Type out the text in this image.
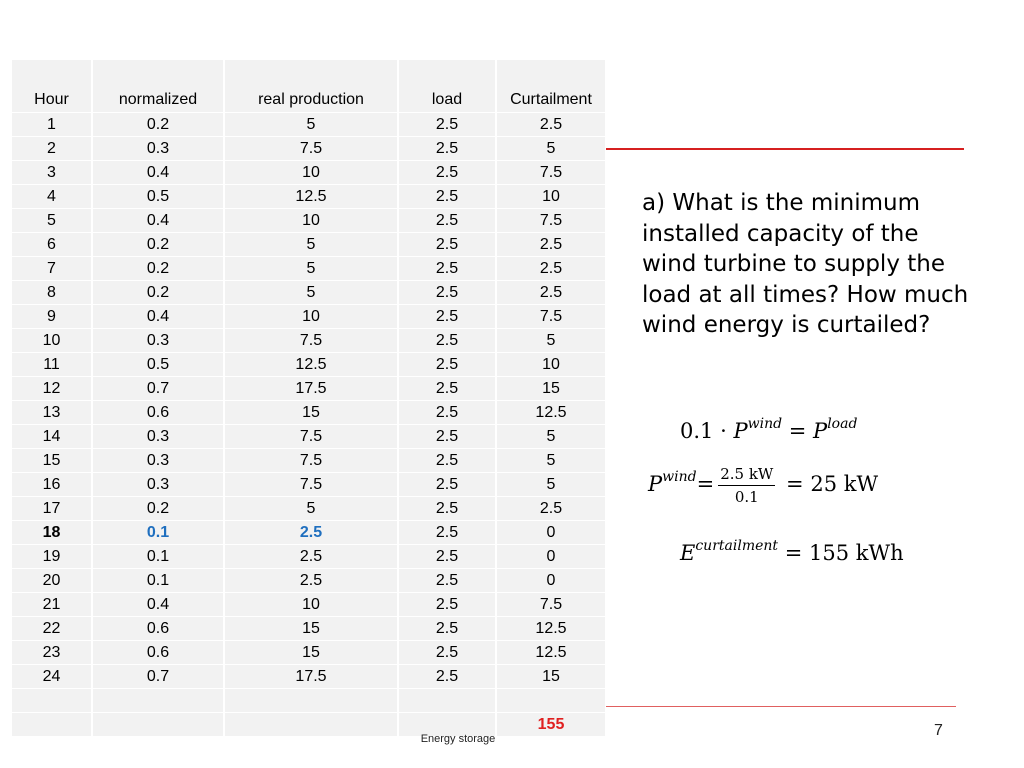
Hour	normalized	real production	load	Curtailment
1	0.2	5	2.5	2.5
2	0.3	7.5	2.5	5
3	0.4	10	2.5	7.5
4	0.5	12.5	2.5	10
5	0.4	10	2.5	7.5
6	0.2	5	2.5	2.5
7	0.2	5	2.5	2.5
8	0.2	5	2.5	2.5
9	0.4	10	2.5	7.5
10	0.3	7.5	2.5	5
11	0.5	12.5	2.5	10
12	0.7	17.5	2.5	15
13	0.6	15	2.5	12.5
14	0.3	7.5	2.5	5
15	0.3	7.5	2.5	5
16	0.3	7.5	2.5	5
17	0.2	5	2.5	2.5
18	0.1	2.5	2.5	0
19	0.1	2.5	2.5	0
20	0.1	2.5	2.5	0
21	0.4	10	2.5	7.5
22	0.6	15	2.5	12.5
23	0.6	15	2.5	12.5
24	0.7	17.5	2.5	15

				155
a) What is the minimum installed capacity of the wind turbine to supply the load at all times? How much wind energy is curtailed?
$0.1 \cdot P^{wind} = P^{load}$
$P^{wind}= \frac{2.5 kW}{0.1} = 25$ kW
$E^{curtailment} = 155$ kWh
Energy storage	7
